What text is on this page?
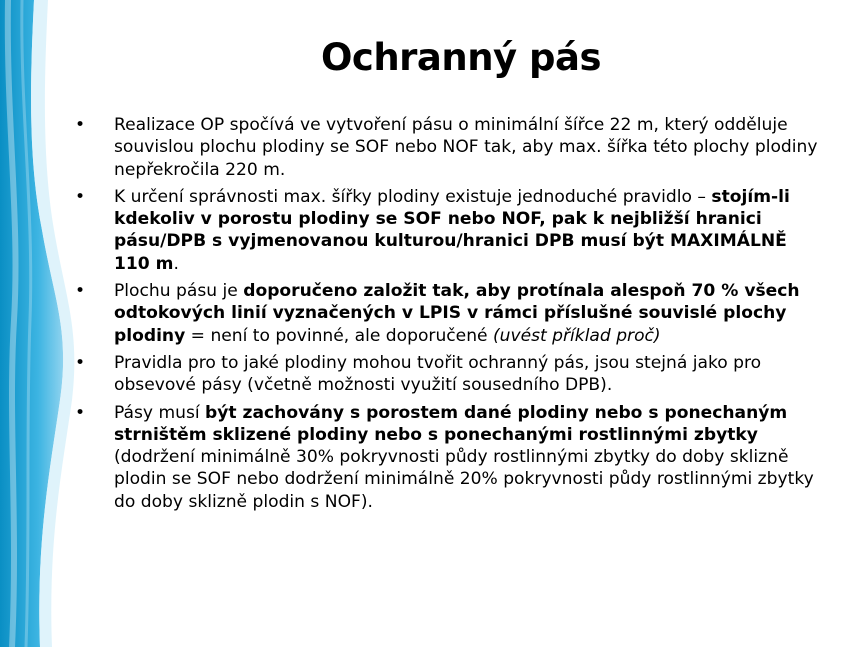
Ochranný pás
• Realizace OP spočívá ve vytvoření pásu o minimální šířce 22 m, který odděluje souvislou plochu plodiny se SOF nebo NOF tak, aby max. šířka této plochy plodiny nepřekročila 220 m.
• K určení správnosti max. šířky plodiny existuje jednoduché pravidlo – stojím-li kdekoliv v porostu plodiny se SOF nebo NOF, pak k nejbližší hranici pásu/DPB s vyjmenovanou kulturou/hranici DPB musí být MAXIMÁLNĚ 110 m.
• Plochu pásu je doporučeno založit tak, aby protínala alespoň 70 % všech odtokových linií vyznačených v LPIS v rámci příslušné souvislé plochy plodiny = není to povinné, ale doporučené (uvést příklad proč)
• Pravidla pro to jaké plodiny mohou tvořit ochranný pás, jsou stejná jako pro obsevové pásy (včetně možnosti využití sousedního DPB).
• Pásy musí být zachovány s porostem dané plodiny nebo s ponechaným strništěm sklizené plodiny nebo s ponechanými rostlinnými zbytky (dodržení minimálně 30% pokryvnosti půdy rostlinnými zbytky do doby sklizně plodin se SOF nebo dodržení minimálně 20% pokryvnosti půdy rostlinnými zbytky do doby sklizně plodin s NOF).
